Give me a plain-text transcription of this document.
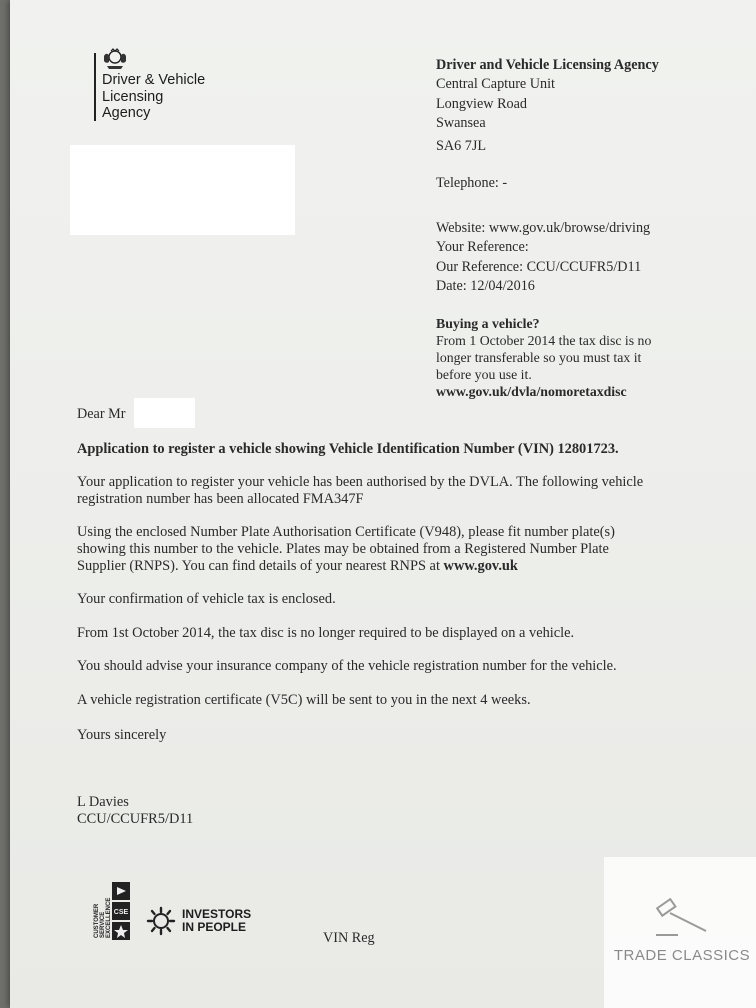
Driver & Vehicle
Licensing
Agency
Driver and Vehicle Licensing Agency
Central Capture Unit
Longview Road
Swansea
SA6 7JL
Telephone: -
Website: www.gov.uk/browse/driving
Your Reference:
Our Reference: CCU/CCUFR5/D11
Date: 12/04/2016
Buying a vehicle?
From 1 October 2014 the tax disc is no
longer transferable so you must tax it
before you use it.
www.gov.uk/dvla/nomoretaxdisc
Dear Mr
Application to register a vehicle showing Vehicle Identification Number (VIN) 12801723.
Your application to register your vehicle has been authorised by the DVLA. The following vehicle
registration number has been allocated FMA347F
Using the enclosed Number Plate Authorisation Certificate (V948), please fit number plate(s)
showing this number to the vehicle. Plates may be obtained from a Registered Number Plate
Supplier (RNPS). You can find details of your nearest RNPS at www.gov.uk
Your confirmation of vehicle tax is enclosed.
From 1st October 2014, the tax disc is no longer required to be displayed on a vehicle.
You should advise your insurance company of the vehicle registration number for the vehicle.
A vehicle registration certificate (V5C) will be sent to you in the next 4 weeks.
Yours sincerely
L Davies
CCU/CCUFR5/D11
CUSTOMER SERVICE EXCELLENCE CSE	INVESTORS
IN PEOPLE
VIN Reg
TRADE CLASSICS
